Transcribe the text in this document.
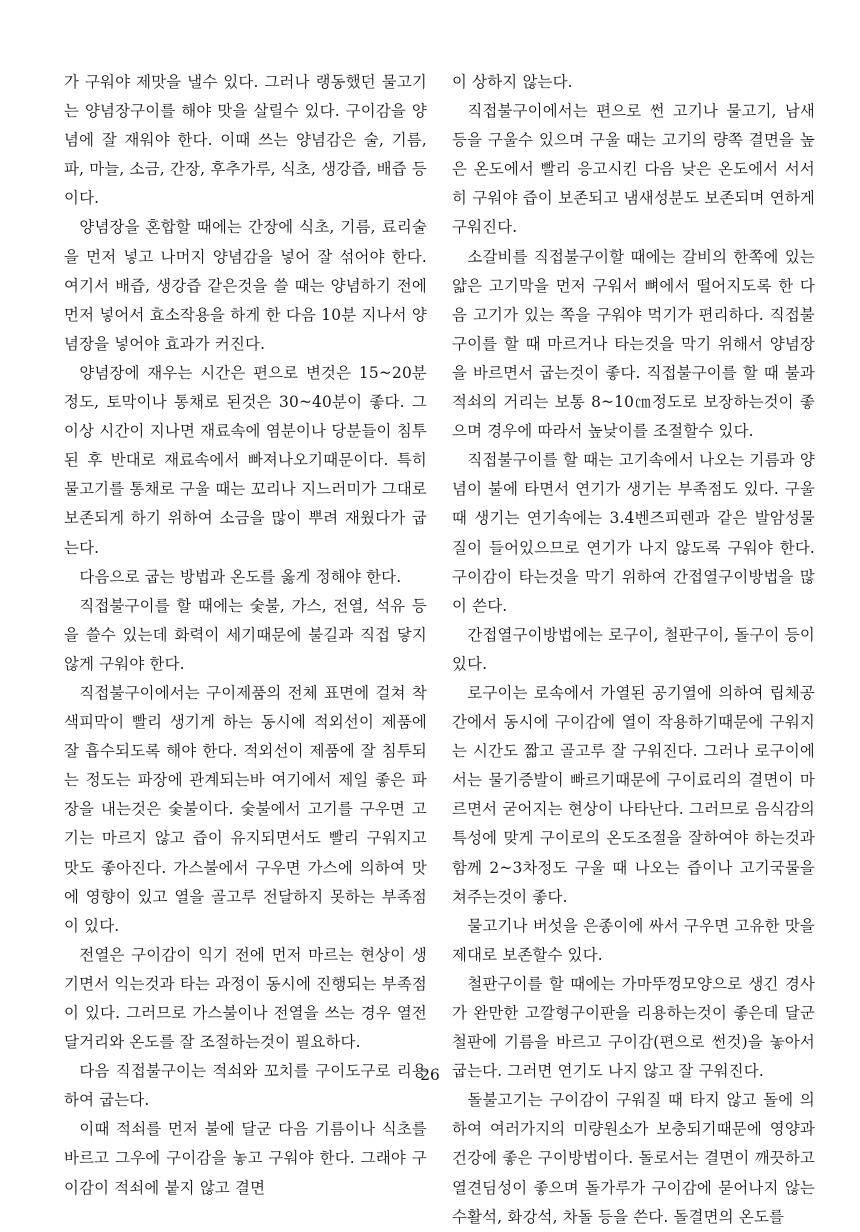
가 구워야 제맛을 낼수 있다. 그러나 랭동했던 물고기는 양념장구이를 해야 맛을 살릴수 있다. 구이감을 양념에 잘 재워야 한다. 이때 쓰는 양념감은 술, 기름, 파, 마늘, 소금, 간장, 후추가루, 식초, 생강즙, 배즙 등이다.

양념장을 혼합할 때에는 간장에 식초, 기름, 료리술을 먼저 넣고 나머지 양념감을 넣어 잘 섞어야 한다. 여기서 배즙, 생강즙 같은것을 쓸 때는 양념하기 전에 먼저 넣어서 효소작용을 하게 한 다음 10분 지나서 양념장을 넣어야 효과가 커진다.

양념장에 재우는 시간은 편으로 변것은 15~20분정도, 토막이나 통채로 된것은 30~40분이 좋다. 그이상 시간이 지나면 재료속에 염분이나 당분들이 침투된 후 반대로 재료속에서 빠져나오기때문이다. 특히 물고기를 통채로 구울 때는 꼬리나 지느러미가 그대로 보존되게 하기 위하여 소금을 많이 뿌려 재웠다가 굽는다.

다음으로 굽는 방법과 온도를 옳게 정해야 한다.

직접불구이를 할 때에는 숯불, 가스, 전열, 석유 등을 쓸수 있는데 화력이 세기때문에 불길과 직접 닿지 않게 구워야 한다.

직접불구이에서는 구이제품의 전체 표면에 걸쳐 착색피막이 빨리 생기게 하는 동시에 적외선이 제품에 잘 흡수되도록 해야 한다. 적외선이 제품에 잘 침투되는 정도는 파장에 관계되는바 여기에서 제일 좋은 파장을 내는것은 숯불이다. 숯불에서 고기를 구우면 고기는 마르지 않고 즙이 유지되면서도 빨리 구워지고 맛도 좋아진다. 가스불에서 구우면 가스에 의하여 맛에 영향이 있고 열을 골고루 전달하지 못하는 부족점이 있다.

전열은 구이감이 익기 전에 먼저 마르는 현상이 생기면서 익는것과 타는 과정이 동시에 진행되는 부족점이 있다. 그러므로 가스불이나 전열을 쓰는 경우 열전달거리와 온도를 잘 조절하는것이 필요하다.

다음 직접불구이는 적쇠와 꼬치를 구이도구로 리용하여 굽는다.

이때 적쇠를 먼저 불에 달군 다음 기름이나 식초를 바르고 그우에 구이감을 놓고 구워야 한다. 그래야 구이감이 적쇠에 붙지 않고 결면

이 상하지 않는다.

직접불구이에서는 편으로 썬 고기나 물고기, 남새 등을 구울수 있으며 구울 때는 고기의 량쪽 결면을 높은 온도에서 빨리 응고시킨 다음 낮은 온도에서 서서히 구워야 즙이 보존되고 냄새성분도 보존되며 연하게 구워진다.

소갈비를 직접불구이할 때에는 갈비의 한쪽에 있는 얇은 고기막을 먼저 구워서 뼈에서 떨어지도록 한 다음 고기가 있는 쪽을 구워야 먹기가 편리하다. 직접불구이를 할 때 마르거나 타는것을 막기 위해서 양념장을 바르면서 굽는것이 좋다. 직접불구이를 할 때 불과 적쇠의 거리는 보통 8~10㎝정도로 보장하는것이 좋으며 경우에 따라서 높낮이를 조절할수 있다.

직접불구이를 할 때는 고기속에서 나오는 기름과 양념이 불에 타면서 연기가 생기는 부족점도 있다. 구울 때 생기는 연기속에는 3.4벤즈피렌과 같은 발암성물질이 들어있으므로 연기가 나지 않도록 구워야 한다. 구이감이 타는것을 막기 위하여 간접열구이방법을 많이 쓴다.

간접열구이방법에는 로구이, 철판구이, 돌구이 등이 있다.

로구이는 로속에서 가열된 공기열에 의하여 립체공간에서 동시에 구이감에 열이 작용하기때문에 구워지는 시간도 짧고 골고루 잘 구워진다. 그러나 로구이에서는 물기증발이 빠르기때문에 구이료리의 결면이 마르면서 굳어지는 현상이 나타난다. 그러므로 음식감의 특성에 맞게 구이로의 온도조절을 잘하여야 하는것과 함께 2~3차정도 구울 때 나오는 즙이나 고기국물을 쳐주는것이 좋다.

물고기나 버섯을 은종이에 싸서 구우면 고유한 맛을 제대로 보존할수 있다.

철판구이를 할 때에는 가마뚜껑모양으로 생긴 경사가 완만한 고깔형구이판을 리용하는것이 좋은데 달군 철판에 기름을 바르고 구이감(편으로 썬것)을 놓아서 굽는다. 그러면 연기도 나지 않고 잘 구워진다.

돌불고기는 구이감이 구워질 때 타지 않고 돌에 의하여 여러가지의 미량원소가 보충되기때문에 영양과 건강에 좋은 구이방법이다. 돌로서는 결면이 깨끗하고 열견딤성이 좋으며 돌가루가 구이감에 묻어나지 않는 수활석, 화강석, 차돌 등을 쓴다. 돌결면의 온도를

26
